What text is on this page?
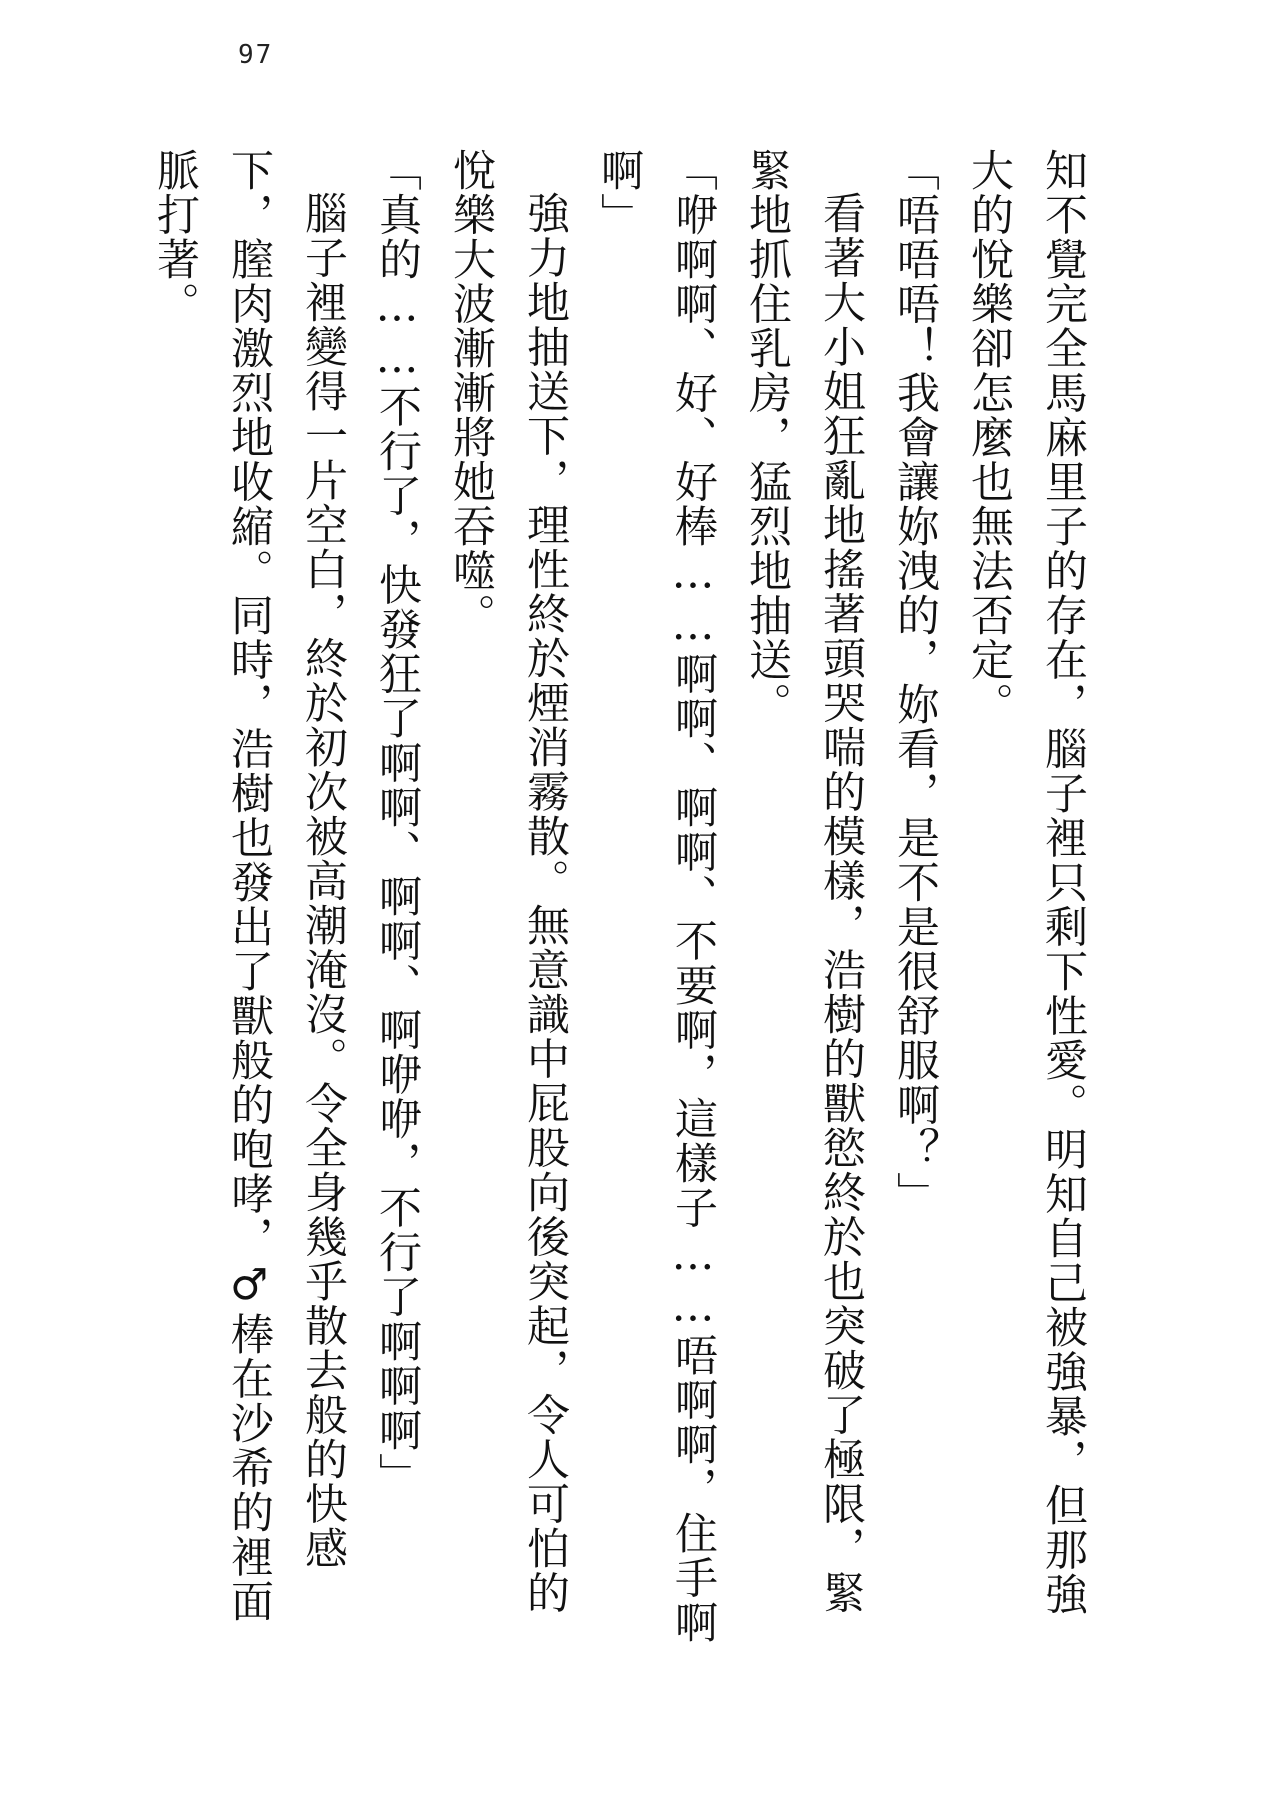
97

知不覺完全馬麻里子的存在，腦子裡只剩下性愛。明知自己被強暴，但那強大的悅樂卻怎麼也無法否定。

「唔唔唔！我會讓妳洩的，妳看，是不是很舒服啊？」

看著大小姐狂亂地搖著頭哭喘的模樣，浩樹的獸慾終於也突破了極限，緊緊地抓住乳房，猛烈地抽送。

「咿啊啊、好、好棒……啊啊、啊啊、不要啊，這樣子……唔啊啊，住手啊啊」

強力地抽送下，理性終於煙消霧散。無意識中屁股向後突起，令人可怕的悅樂大波漸漸將她吞噬。

「真的……不行了，快發狂了啊啊、啊啊、啊咿咿，不行了啊啊啊」

腦子裡變得一片空白，終於初次被高潮淹沒。令全身幾乎散去般的快感下，膣肉激烈地收縮。同時，浩樹也發出了獸般的咆哮，♂棒在沙希的裡面脈打著。
